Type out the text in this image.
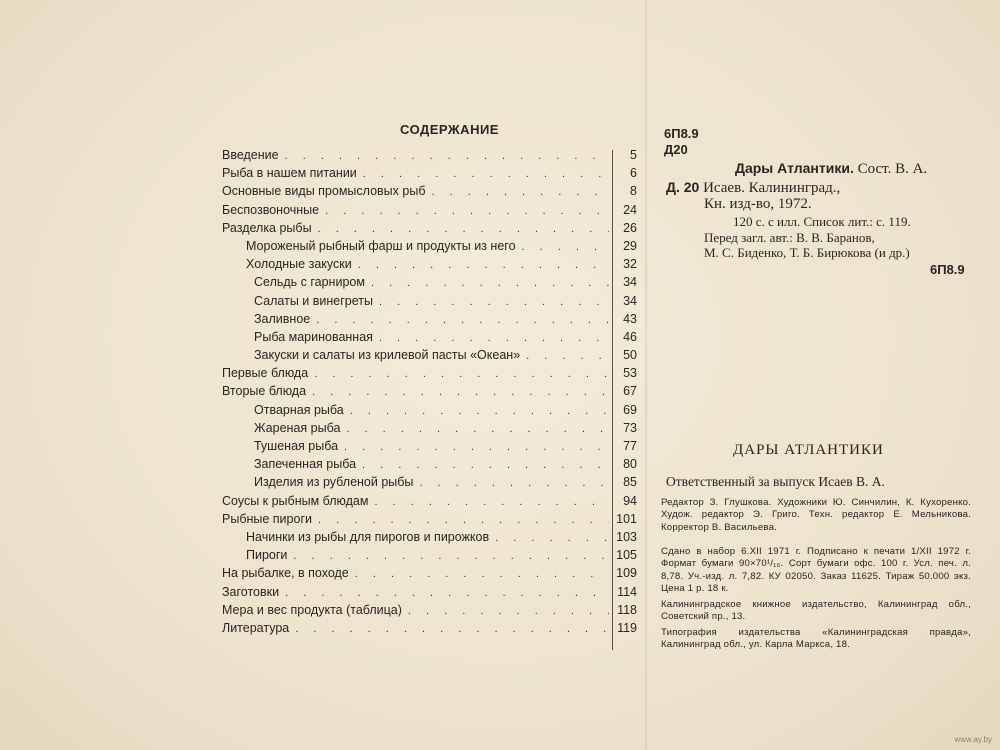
СОДЕРЖАНИЕ
Введение . . .	5
Рыба в нашем питании . . .	6
Основные виды промысловых рыб . . .	8
Беспозвоночные . . .	24
Разделка рыбы . . .	26
Мороженый рыбный фарш и продукты из него . . .	29
Холодные закуски . . .	32
Сельдь с гарниром . . .	34
Салаты и винегреты . . .	34
Заливное . . .	43
Рыба маринованная . . .	46
Закуски и салаты из крилевой пасты «Океан» . . .	50
Первые блюда . . .	53
Вторые блюда . . .	67
Отварная рыба . . .	69
Жареная рыба . . .	73
Тушеная рыба . . .	77
Запеченная рыба . . .	80
Изделия из рубленой рыбы . . .	85
Соусы к рыбным блюдам . . .	94
Рыбные пироги . . .	101
Начинки из рыбы для пирогов и пирожков . . .	103
Пироги . . .	105
На рыбалке, в походе . . .	109
Заготовки . . .	114
Мера и вес продукта (таблица) . . .	118
Литература . . .	119
6П8.9
Д20
Дары Атлантики. Сост. В. А.
Д. 20 Исаев. Калининград.,
Кн. изд-во, 1972.
120 с. с илл. Список лит.: с. 119.
Перед загл. авт.: В. В. Баранов,
М. С. Биденко, Т. Б. Бирюкова (и др.)
6П8.9
ДАРЫ АТЛАНТИКИ
Ответственный за выпуск Исаев В. А.
Редактор З. Глушкова. Художники Ю. Синчилин, К. Кухоренко. Худож. редактор Э. Григо. Техн. редактор Е. Мельникова. Корректор В. Васильева.
Сдано в набор 6.XII 1971 г. Подписано к печати 1/XII 1972 г. Формат бумаги 90×70¹/₁₆. Сорт бумаги офс. 100 г. Усл. печ. л. 8,78. Уч.-изд. л. 7,82. КУ 02050. Заказ 11625. Тираж 50.000 экз. Цена 1 р. 18 к.
Калининградское книжное издательство, Калининград обл., Советский пр., 13.
Типография издательства «Калининградская правда», Калининград обл., ул. Карла Маркса, 18.
www.ay.by
